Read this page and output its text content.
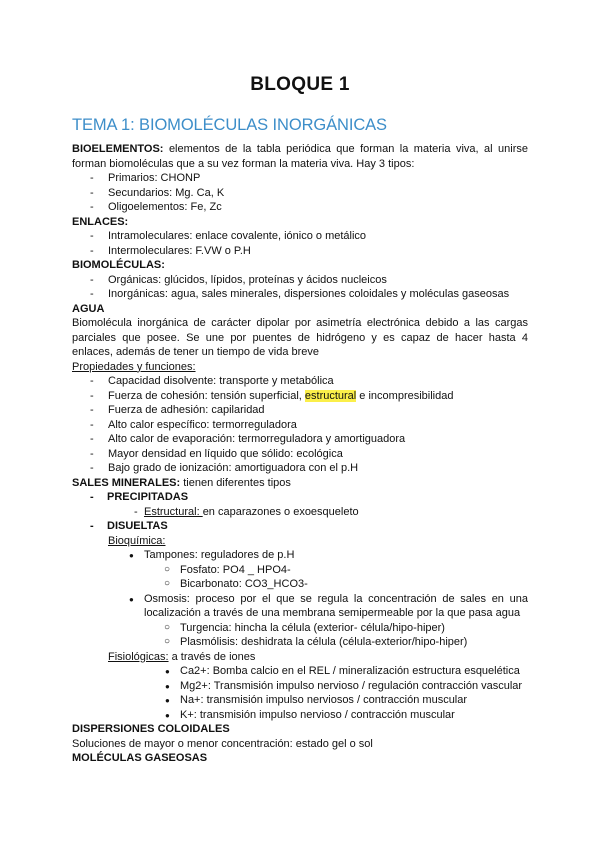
BLOQUE 1
TEMA 1: BIOMOLÉCULAS INORGÁNICAS

BIOELEMENTOS: elementos de la tabla periódica que forman la materia viva, al unirse forman biomoléculas que a su vez forman la materia viva. Hay 3 tipos:

- Primarios: CHONP
- Secundarios: Mg. Ca, K
- Oligoelementos: Fe, Zc

ENLACES:

- Intramoleculares: enlace covalente, iónico o metálico
- Intermoleculares: F.VW o P.H

BIOMOLÉCULAS:

- Orgánicas: glúcidos, lípidos, proteínas y ácidos nucleicos
- Inorgánicas: agua, sales minerales, dispersiones coloidales y moléculas gaseosas

AGUA

Biomolécula inorgánica de carácter dipolar por asimetría electrónica debido a las cargas

parciales que posee. Se une por puentes de hidrógeno y es capaz de hacer hasta 4

enlaces, además de tener un tiempo de vida breve

Propiedades y funciones:

- Capacidad disolvente: transporte y metabólica
- Fuerza de cohesión: tensión superficial, estructural e incompresibilidad
- Fuerza de adhesión: capilaridad
- Alto calor específico: termorreguladora
- Alto calor de evaporación: termorreguladora y amortiguadora
- Mayor densidad en líquido que sólido: ecológica
- Bajo grado de ionización: amortiguadora con el p.H

SALES MINERALES: tienen diferentes tipos

- PRECIPITADAS
- Estructural: en caparazones o exoesqueleto
- DISUELTAS
Bioquímica:
● Tampones: reguladores de p.H
○ Fosfato: PO4 _ HPO4-
○ Bicarbonato: CO3_HCO3-
● Osmosis: proceso por el que se regula la concentración de sales en una
localización a través de una membrana semipermeable por la que pasa agua
○ Turgencia: hincha la célula (exterior- célula/hipo-hiper)
○ Plasmólisis: deshidrata la célula (célula-exterior/hipo-hiper)
Fisiológicas: a través de iones
● Ca2+: Bomba calcio en el REL / mineralización estructura esquelética
● Mg2+: Transmisión impulso nervioso / regulación contracción vascular
● Na+: transmisión impulso nerviosos / contracción muscular
● K+: transmisión impulso nervioso / contracción muscular

DISPERSIONES COLOIDALES

Soluciones de mayor o menor concentración: estado gel o sol

MOLÉCULAS GASEOSAS
